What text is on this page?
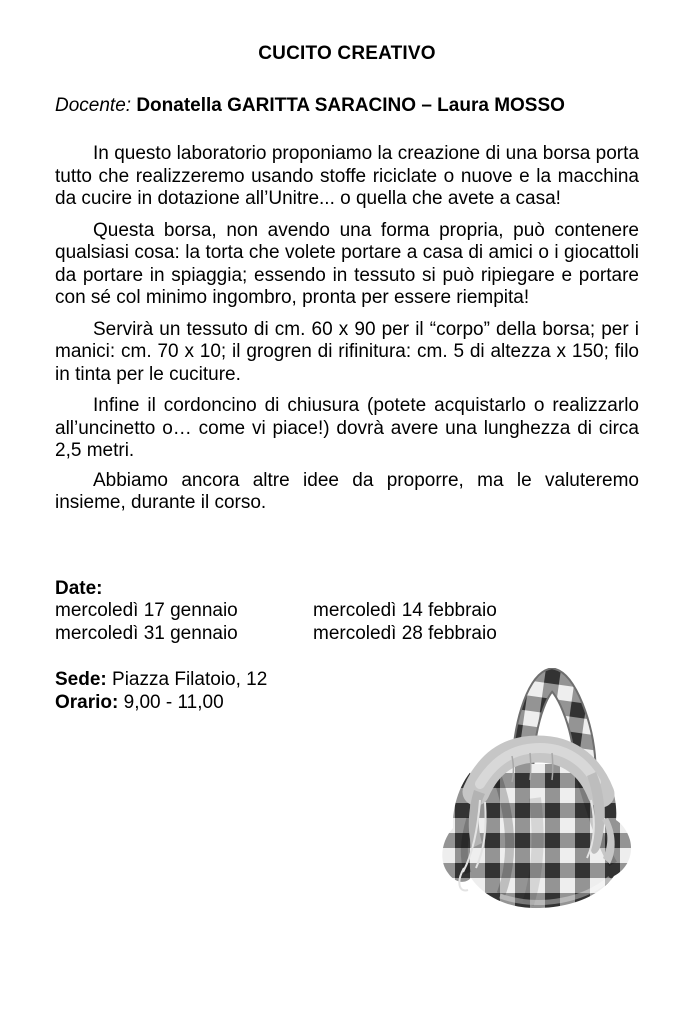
CUCITO CREATIVO

Docente: Donatella GARITTA SARACINO – Laura MOSSO

In questo laboratorio proponiamo la creazione di una borsa porta tutto che realizzeremo usando stoffe riciclate o nuove e la macchina da cucire in dotazione all’Unitre... o quella che avete a casa!

Questa borsa, non avendo una forma propria, può contenere qualsiasi cosa: la torta che volete portare a casa di amici o i giocattoli da portare in spiaggia; essendo in tessuto si può ripiegare e portare con sé col minimo ingombro, pronta per essere riempita!

Servirà un tessuto di cm. 60 x 90 per il “corpo” della borsa; per i manici: cm. 70 x 10; il grogren di rifinitura: cm. 5 di altezza x 150; filo in tinta per le cuciture.

Infine il cordoncino di chiusura (potete acquistarlo o realizzarlo all’uncinetto o… come vi piace!) dovrà avere una lunghezza di circa 2,5 metri.

Abbiamo ancora altre idee da proporre, ma le valuteremo insieme, durante il corso.

Date:
mercoledì 17 gennaio	mercoledì 14 febbraio
mercoledì 31 gennaio	mercoledì 28 febbraio
Sede: Piazza Filatoio, 12
Orario: 9,00 - 11,00
